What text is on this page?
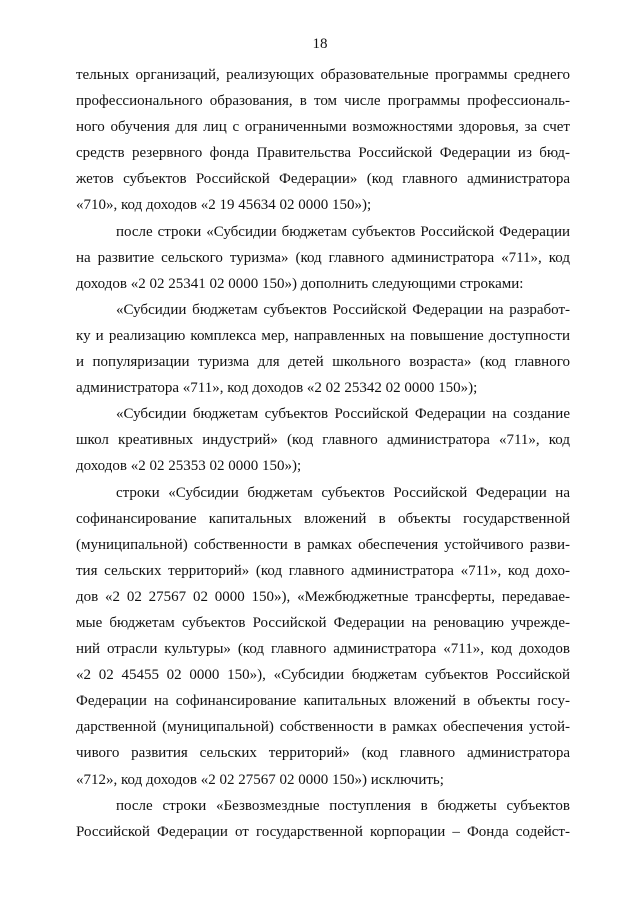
18
тельных организаций, реализующих образовательные программы среднего
профессионального образования, в том числе программы профессиональ-
ного обучения для лиц с ограниченными возможностями здоровья, за счет
средств резервного фонда Правительства Российской Федерации из бюд-
жетов субъектов Российской Федерации» (код главного администратора
«710», код доходов «2 19 45634 02 0000 150»);
после строки «Субсидии бюджетам субъектов Российской Федерации
на развитие сельского туризма» (код главного администратора «711», код
доходов «2 02 25341 02 0000 150») дополнить следующими строками:
«Субсидии бюджетам субъектов Российской Федерации на разработ-
ку и реализацию комплекса мер, направленных на повышение доступности
и популяризации туризма для детей школьного возраста» (код главного
администратора «711», код доходов «2 02 25342 02 0000 150»);
«Субсидии бюджетам субъектов Российской Федерации на создание
школ креативных индустрий» (код главного администратора «711», код
доходов «2 02 25353 02 0000 150»);
строки «Субсидии бюджетам субъектов Российской Федерации на
софинансирование капитальных вложений в объекты государственной
(муниципальной) собственности в рамках обеспечения устойчивого разви-
тия сельских территорий» (код главного администратора «711», код дохо-
дов «2 02 27567 02 0000 150»), «Межбюджетные трансферты, передавае-
мые бюджетам субъектов Российской Федерации на реновацию учрежде-
ний отрасли культуры» (код главного администратора «711», код доходов
«2 02 45455 02 0000 150»), «Субсидии бюджетам субъектов Российской
Федерации на софинансирование капитальных вложений в объекты госу-
дарственной (муниципальной) собственности в рамках обеспечения устой-
чивого развития сельских территорий» (код главного администратора
«712», код доходов «2 02 27567 02 0000 150») исключить;
после строки «Безвозмездные поступления в бюджеты субъектов
Российской Федерации от государственной корпорации – Фонда содейст-
